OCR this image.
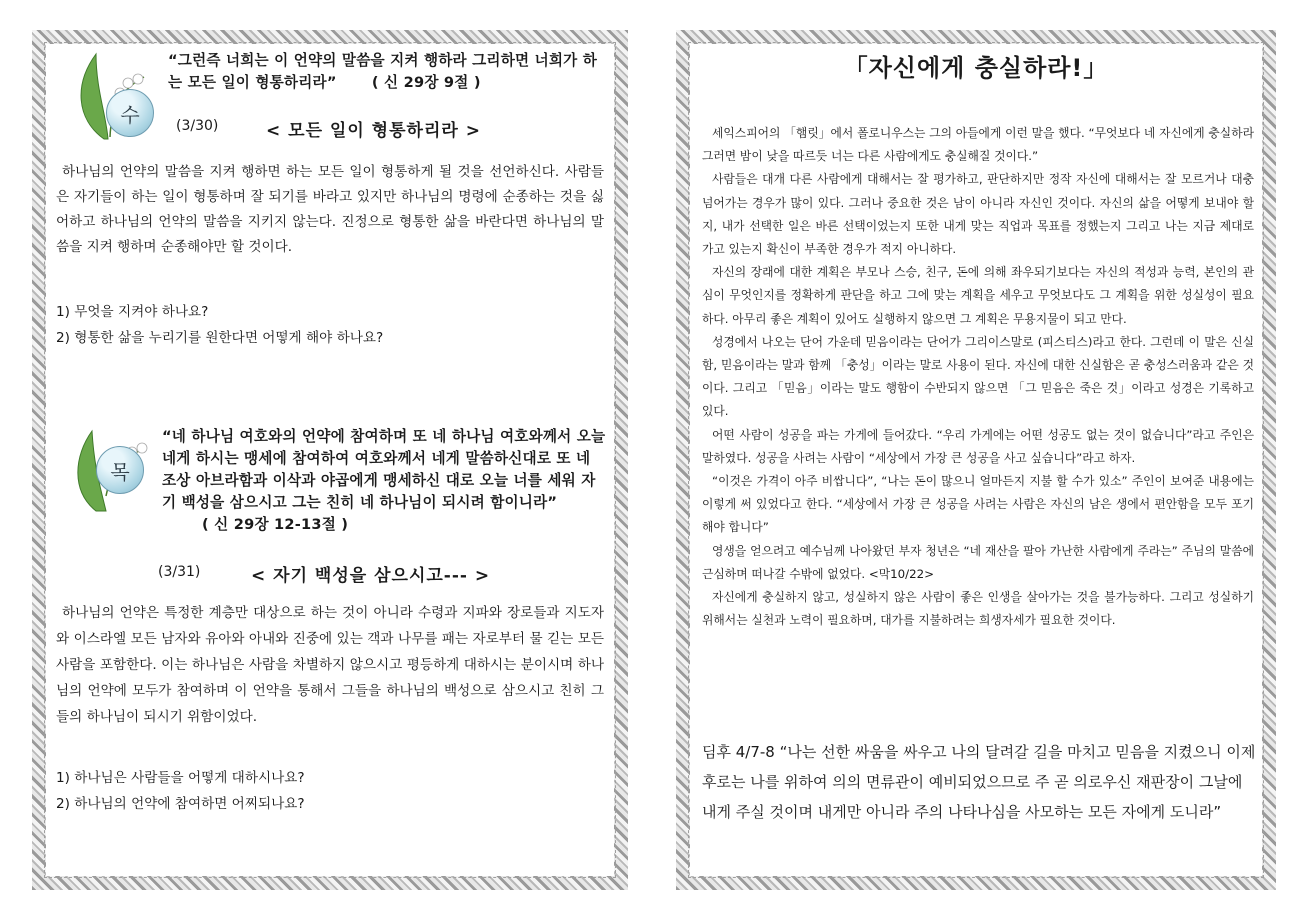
수
“그런즉 너희는 이 언약의 말씀을 지켜 행하라 그리하면 너희가 하는 모든 일이 형통하리라” ( 신 29장 9절 )
(3/30)	< 모든 일이 형통하리라 >
하나님의 언약의 말씀을 지켜 행하면 하는 모든 일이 형통하게 될 것을 선언하신다. 사람들은 자기들이 하는 일이 형통하며 잘 되기를 바라고 있지만 하나님의 명령에 순종하는 것을 싫어하고 하나님의 언약의 말씀을 지키지 않는다. 진정으로 형통한 삶을 바란다면 하나님의 말씀을 지켜 행하며 순종해야만 할 것이다.
1) 무엇을 지켜야 하나요?
2) 형통한 삶을 누리기를 원한다면 어떻게 해야 하나요?
목
“네 하나님 여호와의 언약에 참여하며 또 네 하나님 여호와께서 오늘 네게 하시는 맹세에 참여하여 여호와께서 네게 말씀하신대로 또 네 조상 아브라함과 이삭과 야곱에게 맹세하신 대로 오늘 너를 세워 자기 백성을 삼으시고 그는 친히 네 하나님이 되시려 함이니라” ( 신 29장 12-13절 )
(3/31)	< 자기 백성을 삼으시고--- >
하나님의 언약은 특정한 계층만 대상으로 하는 것이 아니라 수령과 지파와 장로들과 지도자와 이스라엘 모든 남자와 유아와 아내와 진중에 있는 객과 나무를 패는 자로부터 물 긷는 모든 사람을 포함한다. 이는 하나님은 사람을 차별하지 않으시고 평등하게 대하시는 분이시며 하나님의 언약에 모두가 참여하며 이 언약을 통해서 그들을 하나님의 백성으로 삼으시고 친히 그들의 하나님이 되시기 위함이었다.
1) 하나님은 사람들을 어떻게 대하시나요?
2) 하나님의 언약에 참여하면 어찌되나요?
「자신에게 충실하라!」

세익스피어의 「햄릿」에서 폴로니우스는 그의 아들에게 이런 말을 했다. “무엇보다 네 자신에게 충실하라 그러면 밤이 낮을 따르듯 너는 다른 사람에게도 충실해질 것이다.”

사람들은 대개 다른 사람에게 대해서는 잘 평가하고, 판단하지만 정작 자신에 대해서는 잘 모르거나 대충 넘어가는 경우가 많이 있다. 그러나 중요한 것은 남이 아니라 자신인 것이다. 자신의 삶을 어떻게 보내야 할지, 내가 선택한 일은 바른 선택이었는지 또한 내게 맞는 직업과 목표를 정했는지 그리고 나는 지금 제대로 가고 있는지 확신이 부족한 경우가 적지 아니하다.

자신의 장래에 대한 계획은 부모나 스승, 친구, 돈에 의해 좌우되기보다는 자신의 적성과 능력, 본인의 관심이 무엇인지를 정확하게 판단을 하고 그에 맞는 계획을 세우고 무엇보다도 그 계획을 위한 성실성이 필요하다. 아무리 좋은 계획이 있어도 실행하지 않으면 그 계획은 무용지물이 되고 만다.

성경에서 나오는 단어 가운데 믿음이라는 단어가 그리이스말로 (피스티스)라고 한다. 그런데 이 말은 신실함, 믿음이라는 말과 함께 「충성」이라는 말로 사용이 된다. 자신에 대한 신실함은 곧 충성스러움과 같은 것이다. 그리고 「믿음」이라는 말도 행함이 수반되지 않으면 「그 믿음은 죽은 것」이라고 성경은 기록하고 있다.

어떤 사람이 성공을 파는 가게에 들어갔다. “우리 가게에는 어떤 성공도 없는 것이 없습니다”라고 주인은 말하였다. 성공을 사려는 사람이 “세상에서 가장 큰 성공을 사고 싶습니다”라고 하자.

“이것은 가격이 아주 비쌉니다”, “나는 돈이 많으니 얼마든지 지불 할 수가 있소” 주인이 보여준 내용에는 이렇게 써 있었다고 한다. “세상에서 가장 큰 성공을 사려는 사람은 자신의 남은 생에서 편안함을 모두 포기해야 합니다”

영생을 얻으려고 예수님께 나아왔던 부자 청년은 “네 재산을 팔아 가난한 사람에게 주라는” 주님의 말씀에 근심하며 떠나갈 수밖에 없었다. <막10/22>

자신에게 충실하지 않고, 성실하지 않은 사람이 좋은 인생을 살아가는 것을 불가능하다. 그리고 성실하기 위해서는 실천과 노력이 필요하며, 대가를 지불하려는 희생자세가 필요한 것이다.

딤후 4/7-8 “나는 선한 싸움을 싸우고 나의 달려갈 길을 마치고 믿음을 지켰으니 이제 후로는 나를 위하여 의의 면류관이 예비되었으므로 주 곧 의로우신 재판장이 그날에 내게 주실 것이며 내게만 아니라 주의 나타나심을 사모하는 모든 자에게 도니라”
